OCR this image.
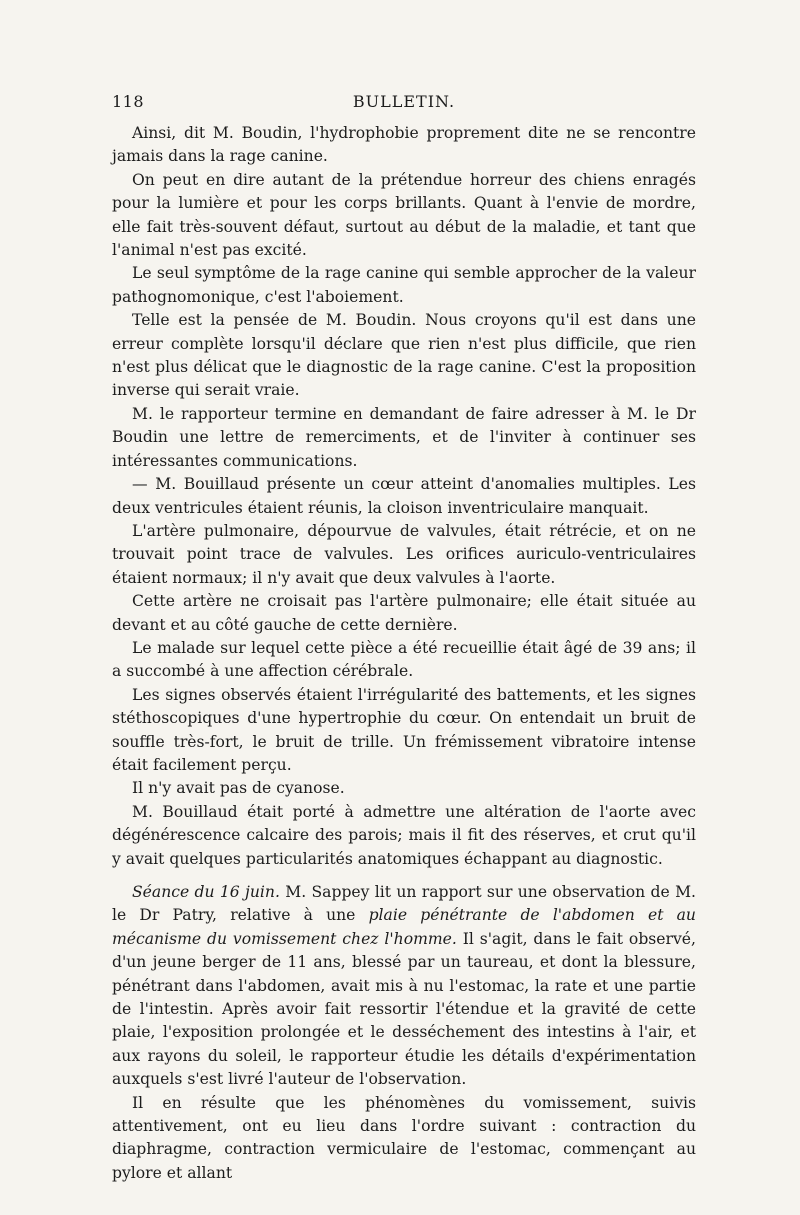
118	BULLETIN.

Ainsi, dit M. Boudin, l'hydrophobie proprement dite ne se rencontre jamais dans la rage canine.

On peut en dire autant de la prétendue horreur des chiens enragés pour la lumière et pour les corps brillants. Quant à l'envie de mordre, elle fait très-souvent défaut, surtout au début de la maladie, et tant que l'animal n'est pas excité.

Le seul symptôme de la rage canine qui semble approcher de la valeur pathognomonique, c'est l'aboiement.

Telle est la pensée de M. Boudin. Nous croyons qu'il est dans une erreur complète lorsqu'il déclare que rien n'est plus difficile, que rien n'est plus délicat que le diagnostic de la rage canine. C'est la proposition inverse qui serait vraie.

M. le rapporteur termine en demandant de faire adresser à M. le Dr Boudin une lettre de remerciments, et de l'inviter à continuer ses intéressantes communications.

— M. Bouillaud présente un cœur atteint d'anomalies multiples. Les deux ventricules étaient réunis, la cloison inventriculaire manquait.

L'artère pulmonaire, dépourvue de valvules, était rétrécie, et on ne trouvait point trace de valvules. Les orifices auriculo-ventriculaires étaient normaux; il n'y avait que deux valvules à l'aorte.

Cette artère ne croisait pas l'artère pulmonaire; elle était située au devant et au côté gauche de cette dernière.

Le malade sur lequel cette pièce a été recueillie était âgé de 39 ans; il a succombé à une affection cérébrale.

Les signes observés étaient l'irrégularité des battements, et les signes stéthoscopiques d'une hypertrophie du cœur. On entendait un bruit de souffle très-fort, le bruit de trille. Un frémissement vibratoire intense était facilement perçu.

Il n'y avait pas de cyanose.

M. Bouillaud était porté à admettre une altération de l'aorte avec dégénérescence calcaire des parois; mais il fit des réserves, et crut qu'il y avait quelques particularités anatomiques échappant au diagnostic.

Séance du 16 juin. M. Sappey lit un rapport sur une observation de M. le Dr Patry, relative à une plaie pénétrante de l'abdomen et au mécanisme du vomissement chez l'homme. Il s'agit, dans le fait observé, d'un jeune berger de 11 ans, blessé par un taureau, et dont la blessure, pénétrant dans l'abdomen, avait mis à nu l'estomac, la rate et une partie de l'intestin. Après avoir fait ressortir l'étendue et la gravité de cette plaie, l'exposition prolongée et le desséchement des intestins à l'air, et aux rayons du soleil, le rapporteur étudie les détails d'expérimentation auxquels s'est livré l'auteur de l'observation.

Il en résulte que les phénomènes du vomissement, suivis attentivement, ont eu lieu dans l'ordre suivant : contraction du diaphragme, contraction vermiculaire de l'estomac, commençant au pylore et allant
